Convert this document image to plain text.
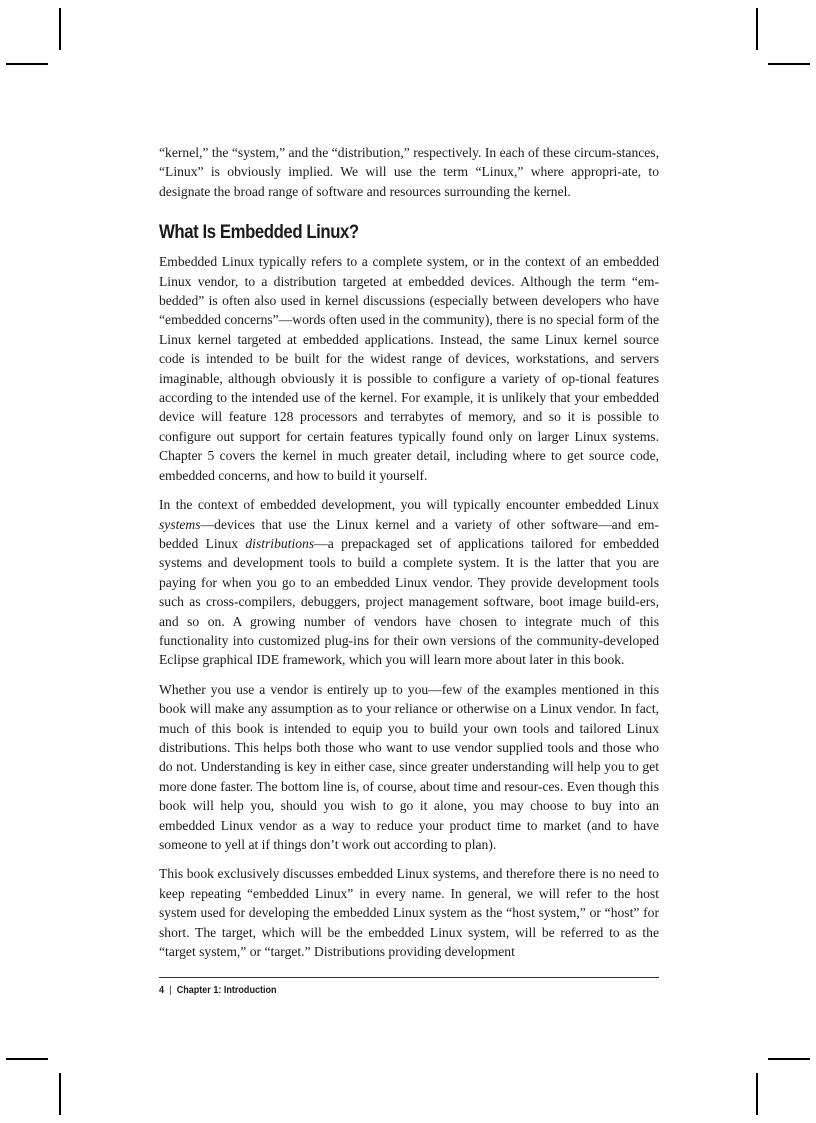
“kernel,” the “system,” and the “distribution,” respectively. In each of these circum-stances, “Linux” is obviously implied. We will use the term “Linux,” where appropri-ate, to designate the broad range of software and resources surrounding the kernel.

What Is Embedded Linux?

Embedded Linux typically refers to a complete system, or in the context of an embedded Linux vendor, to a distribution targeted at embedded devices. Although the term “em-bedded” is often also used in kernel discussions (especially between developers who have “embedded concerns”—words often used in the community), there is no special form of the Linux kernel targeted at embedded applications. Instead, the same Linux kernel source code is intended to be built for the widest range of devices, workstations, and servers imaginable, although obviously it is possible to configure a variety of op-tional features according to the intended use of the kernel. For example, it is unlikely that your embedded device will feature 128 processors and terrabytes of memory, and so it is possible to configure out support for certain features typically found only on larger Linux systems. Chapter 5 covers the kernel in much greater detail, including where to get source code, embedded concerns, and how to build it yourself.

In the context of embedded development, you will typically encounter embedded Linux systems—devices that use the Linux kernel and a variety of other software—and em-bedded Linux distributions—a prepackaged set of applications tailored for embedded systems and development tools to build a complete system. It is the latter that you are paying for when you go to an embedded Linux vendor. They provide development tools such as cross-compilers, debuggers, project management software, boot image build-ers, and so on. A growing number of vendors have chosen to integrate much of this functionality into customized plug-ins for their own versions of the community-developed Eclipse graphical IDE framework, which you will learn more about later in this book.

Whether you use a vendor is entirely up to you—few of the examples mentioned in this book will make any assumption as to your reliance or otherwise on a Linux vendor. In fact, much of this book is intended to equip you to build your own tools and tailored Linux distributions. This helps both those who want to use vendor supplied tools and those who do not. Understanding is key in either case, since greater understanding will help you to get more done faster. The bottom line is, of course, about time and resour-ces. Even though this book will help you, should you wish to go it alone, you may choose to buy into an embedded Linux vendor as a way to reduce your product time to market (and to have someone to yell at if things don’t work out according to plan).

This book exclusively discusses embedded Linux systems, and therefore there is no need to keep repeating “embedded Linux” in every name. In general, we will refer to the host system used for developing the embedded Linux system as the “host system,” or “host” for short. The target, which will be the embedded Linux system, will be referred to as the “target system,” or “target.” Distributions providing development

4 | Chapter 1: Introduction
